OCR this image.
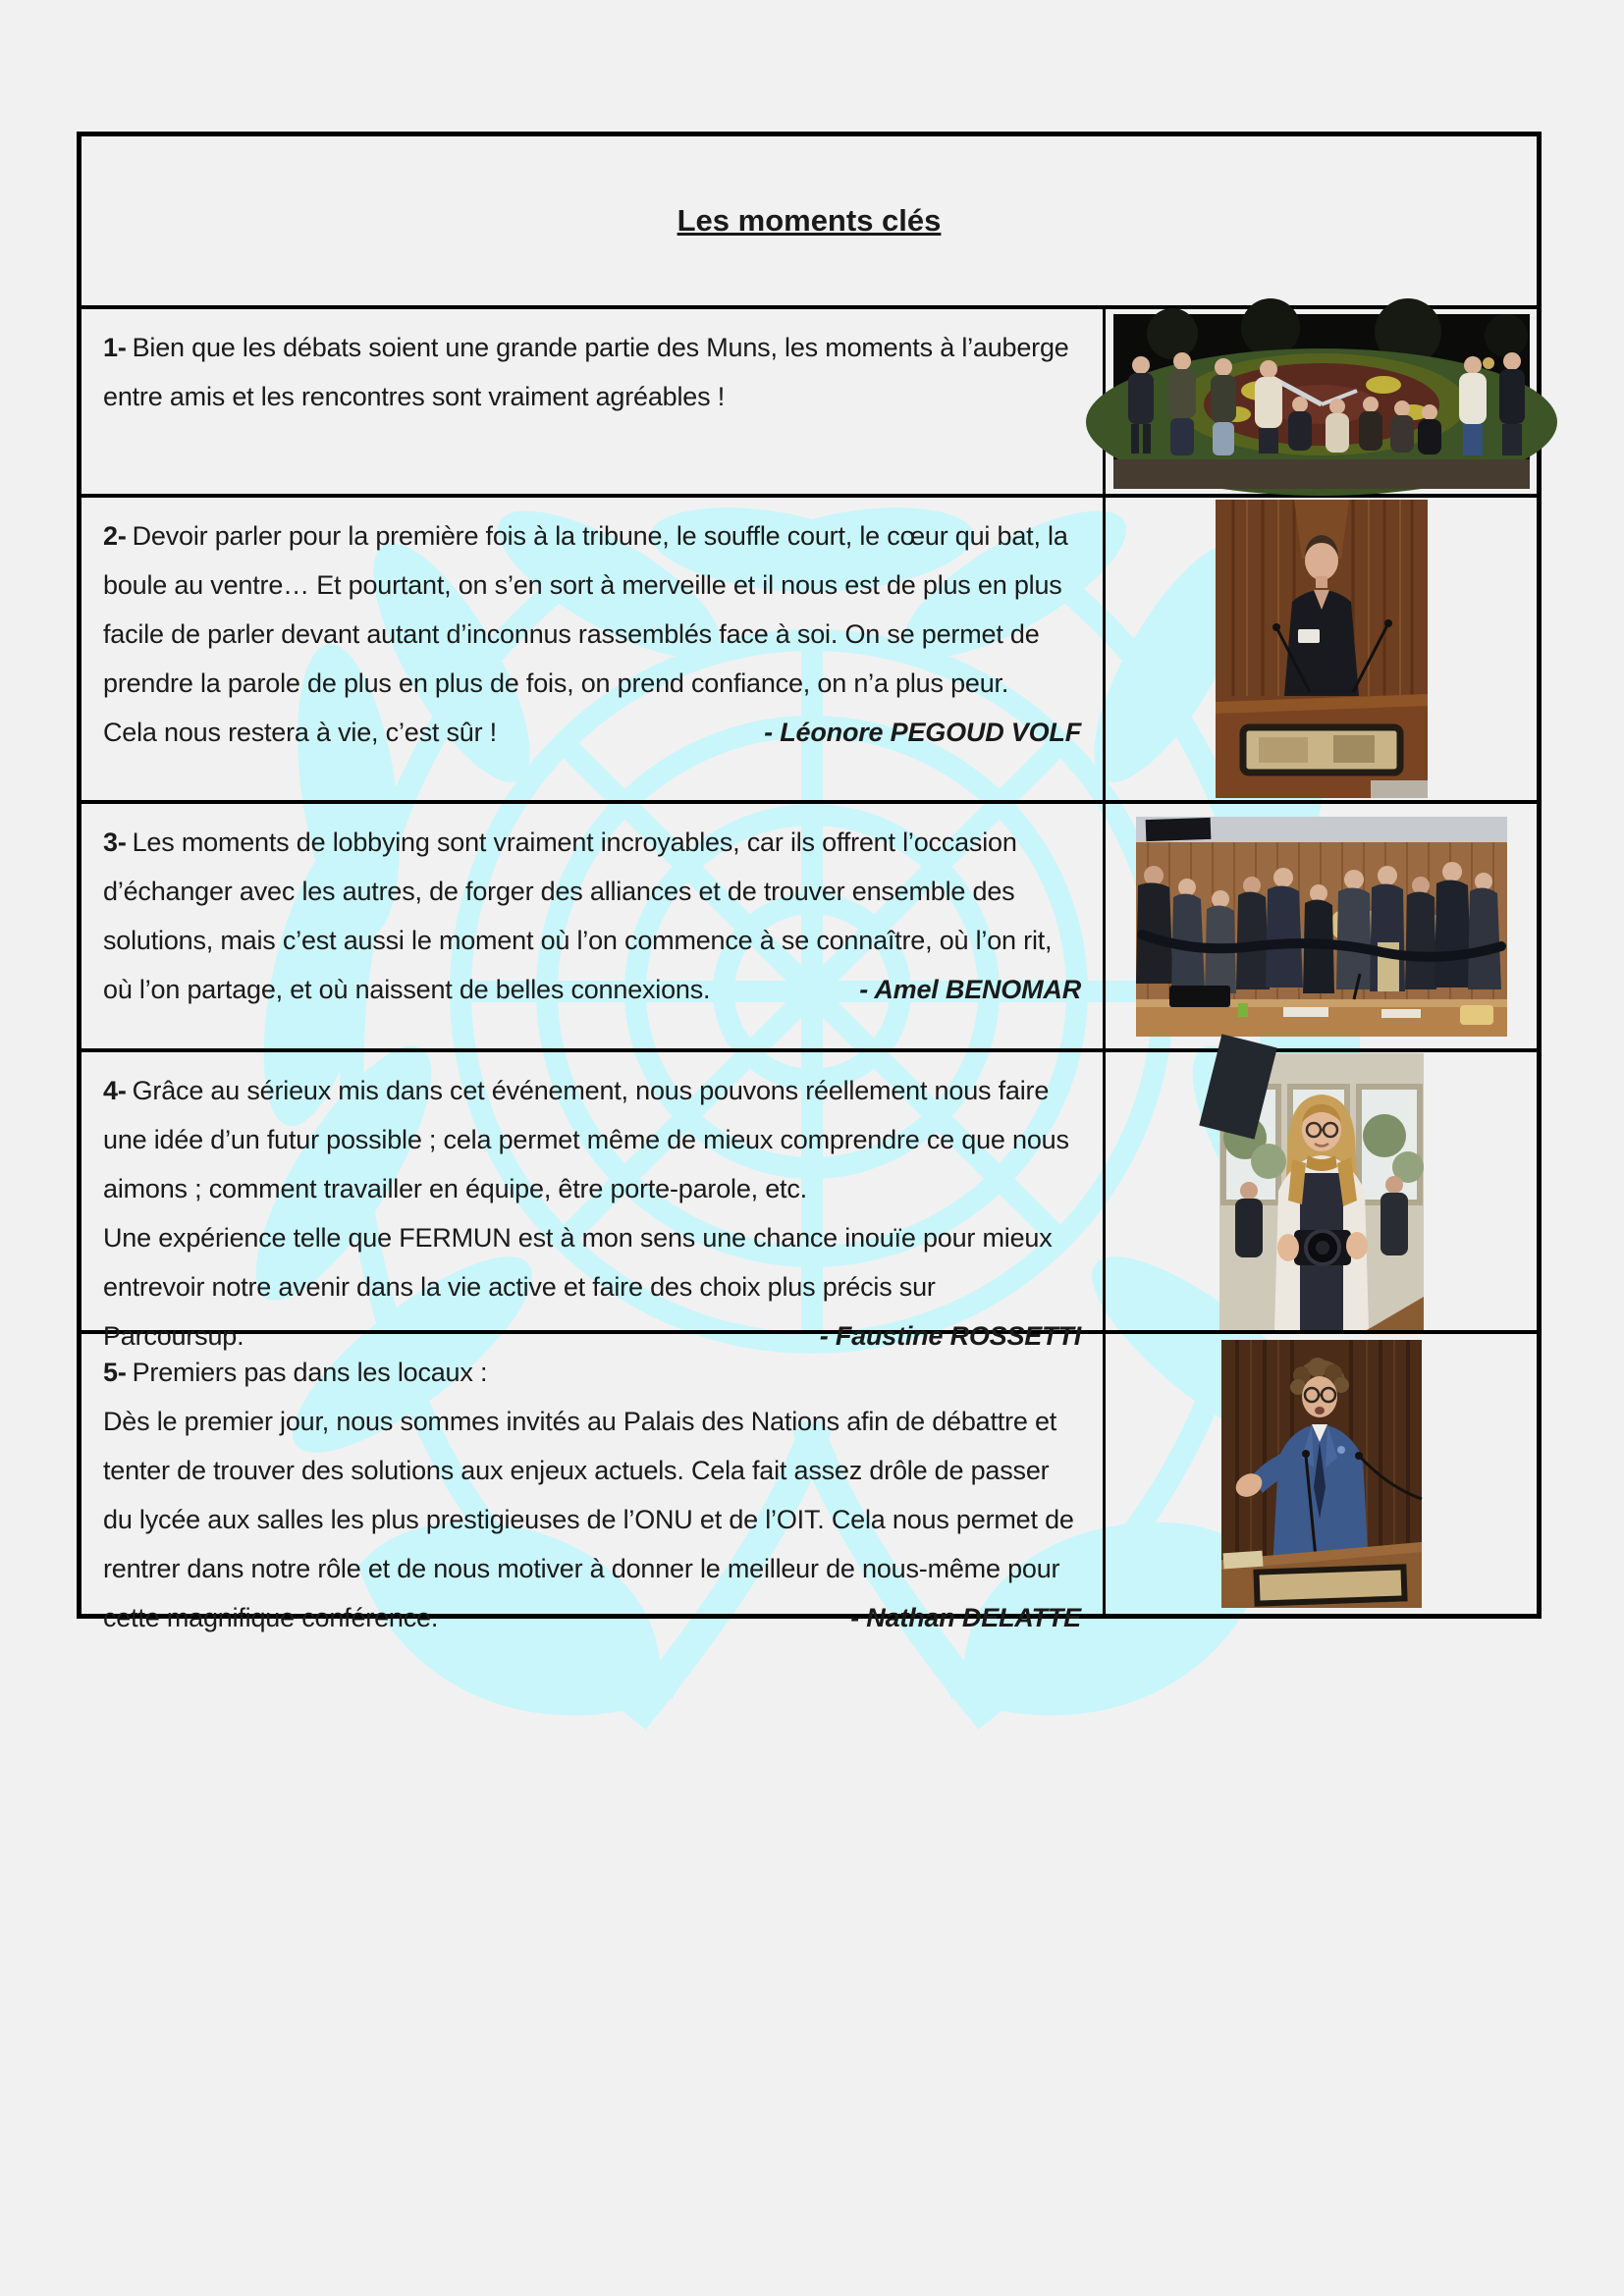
Les moments clés
1- Bien que les débats soient une grande partie des Muns, les moments à l’auberge entre amis et les rencontres sont vraiment agréables !
2- Devoir parler pour la première fois à la tribune, le souffle court, le cœur qui bat, la boule au ventre… Et pourtant, on s’en sort à merveille et il nous est de plus en plus facile de parler devant autant d’inconnus rassemblés face à soi. On se permet de prendre la parole de plus en plus de fois, on prend confiance, on n’a plus peur.
Cela nous restera à vie, c’est sûr !	- Léonore PEGOUD VOLF
3- Les moments de lobbying sont vraiment incroyables, car ils offrent l’occasion d’échanger avec les autres, de forger des alliances et de trouver ensemble des solutions, mais c’est aussi le moment où l’on commence à se connaître, où l’on rit,
où l’on partage, et où naissent de belles connexions.	- Amel BENOMAR
4- Grâce au sérieux mis dans cet événement, nous pouvons réellement nous faire une idée d’un futur possible ; cela permet même de mieux comprendre ce que nous aimons ; comment travailler en équipe, être porte-parole, etc.
Une expérience telle que FERMUN est à mon sens une chance inouïe pour mieux entrevoir notre avenir dans la vie active et faire des choix plus précis sur
Parcoursup.	- Faustine ROSSETTI
5- Premiers pas dans les locaux :
Dès le premier jour, nous sommes invités au Palais des Nations afin de débattre et tenter de trouver des solutions aux enjeux actuels. Cela fait assez drôle de passer du lycée aux salles les plus prestigieuses de l’ONU et de l’OIT. Cela nous permet de rentrer dans notre rôle et de nous motiver à donner le meilleur de nous-même pour
cette magnifique conférence.	- Nathan DELATTE
